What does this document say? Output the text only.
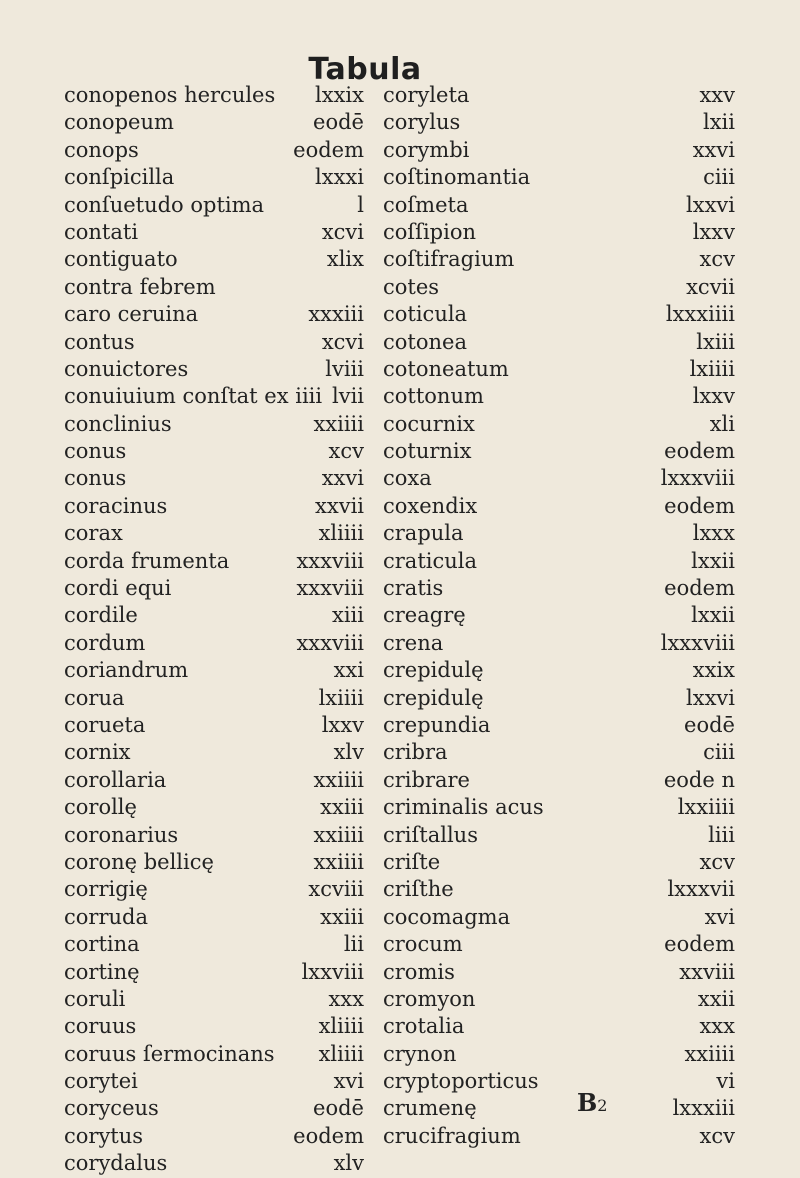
Tabula
conopenos hercules lxxix
conopeum	eodē
conops	eodem
conſpicilla	lxxxi
conſuetudo optima	l
contati	xcvi
contiguato	xlix
contra febrem
caro ceruina	xxxiii
contus	xcvi
conuictores	lviii
conuiuium conſtat ex iiii lvii
conclinius	xxiiii
conus	xcv
conus	xxvi
coracinus	xxvii
corax	xliiii
corda frumenta	xxxviii
cordi equi	xxxviii
cordile	xiii
cordum	xxxviii
coriandrum	xxi
corua	lxiiii
corueta	lxxv
cornix	xlv
corollaria	xxiiii
corollę	xxiii
coronarius	xxiiii
coronę bellicę	xxiiii
corrigię	xcviii
corruda	xxiii
cortina	lii
cortinę	lxxviii
coruli	xxx
coruus	xliiii
coruus ſermocinans xliiii
corytei	xvi
coryceus	eodē
corytus	eodem
corydalus	xlv
coryleta	xxv
corylus	lxii
corymbi	xxvi
coſtinomantia	ciii
coſmeta	lxxvi
coſſipion	lxxv
coſtifragium	xcv
cotes	xcvii
coticula	lxxxiiii
cotonea	lxiii
cotoneatum	lxiiii
cottonum	lxxv
cocurnix	xli
coturnix	eodem
coxa	lxxxviii
coxendix	eodem
crapula	lxxx
craticula	lxxii
cratis	eodem
creagrę	lxxii
crena	lxxxviii
crepidulę	xxix
crepidulę	lxxvi
crepundia	eodē
cribra	ciii
cribrare	eode n
criminalis acus	lxxiiii
criſtallus	liii
criſte	xcv
criſthe	lxxxvii
cocomagma	xvi
crocum	eodem
cromis	xxviii
cromyon	xxii
crotalia	xxx
crynon	xxiiii
cryptoporticus	vi
crumenę	lxxxiii
crucifragium	xcv
B2
